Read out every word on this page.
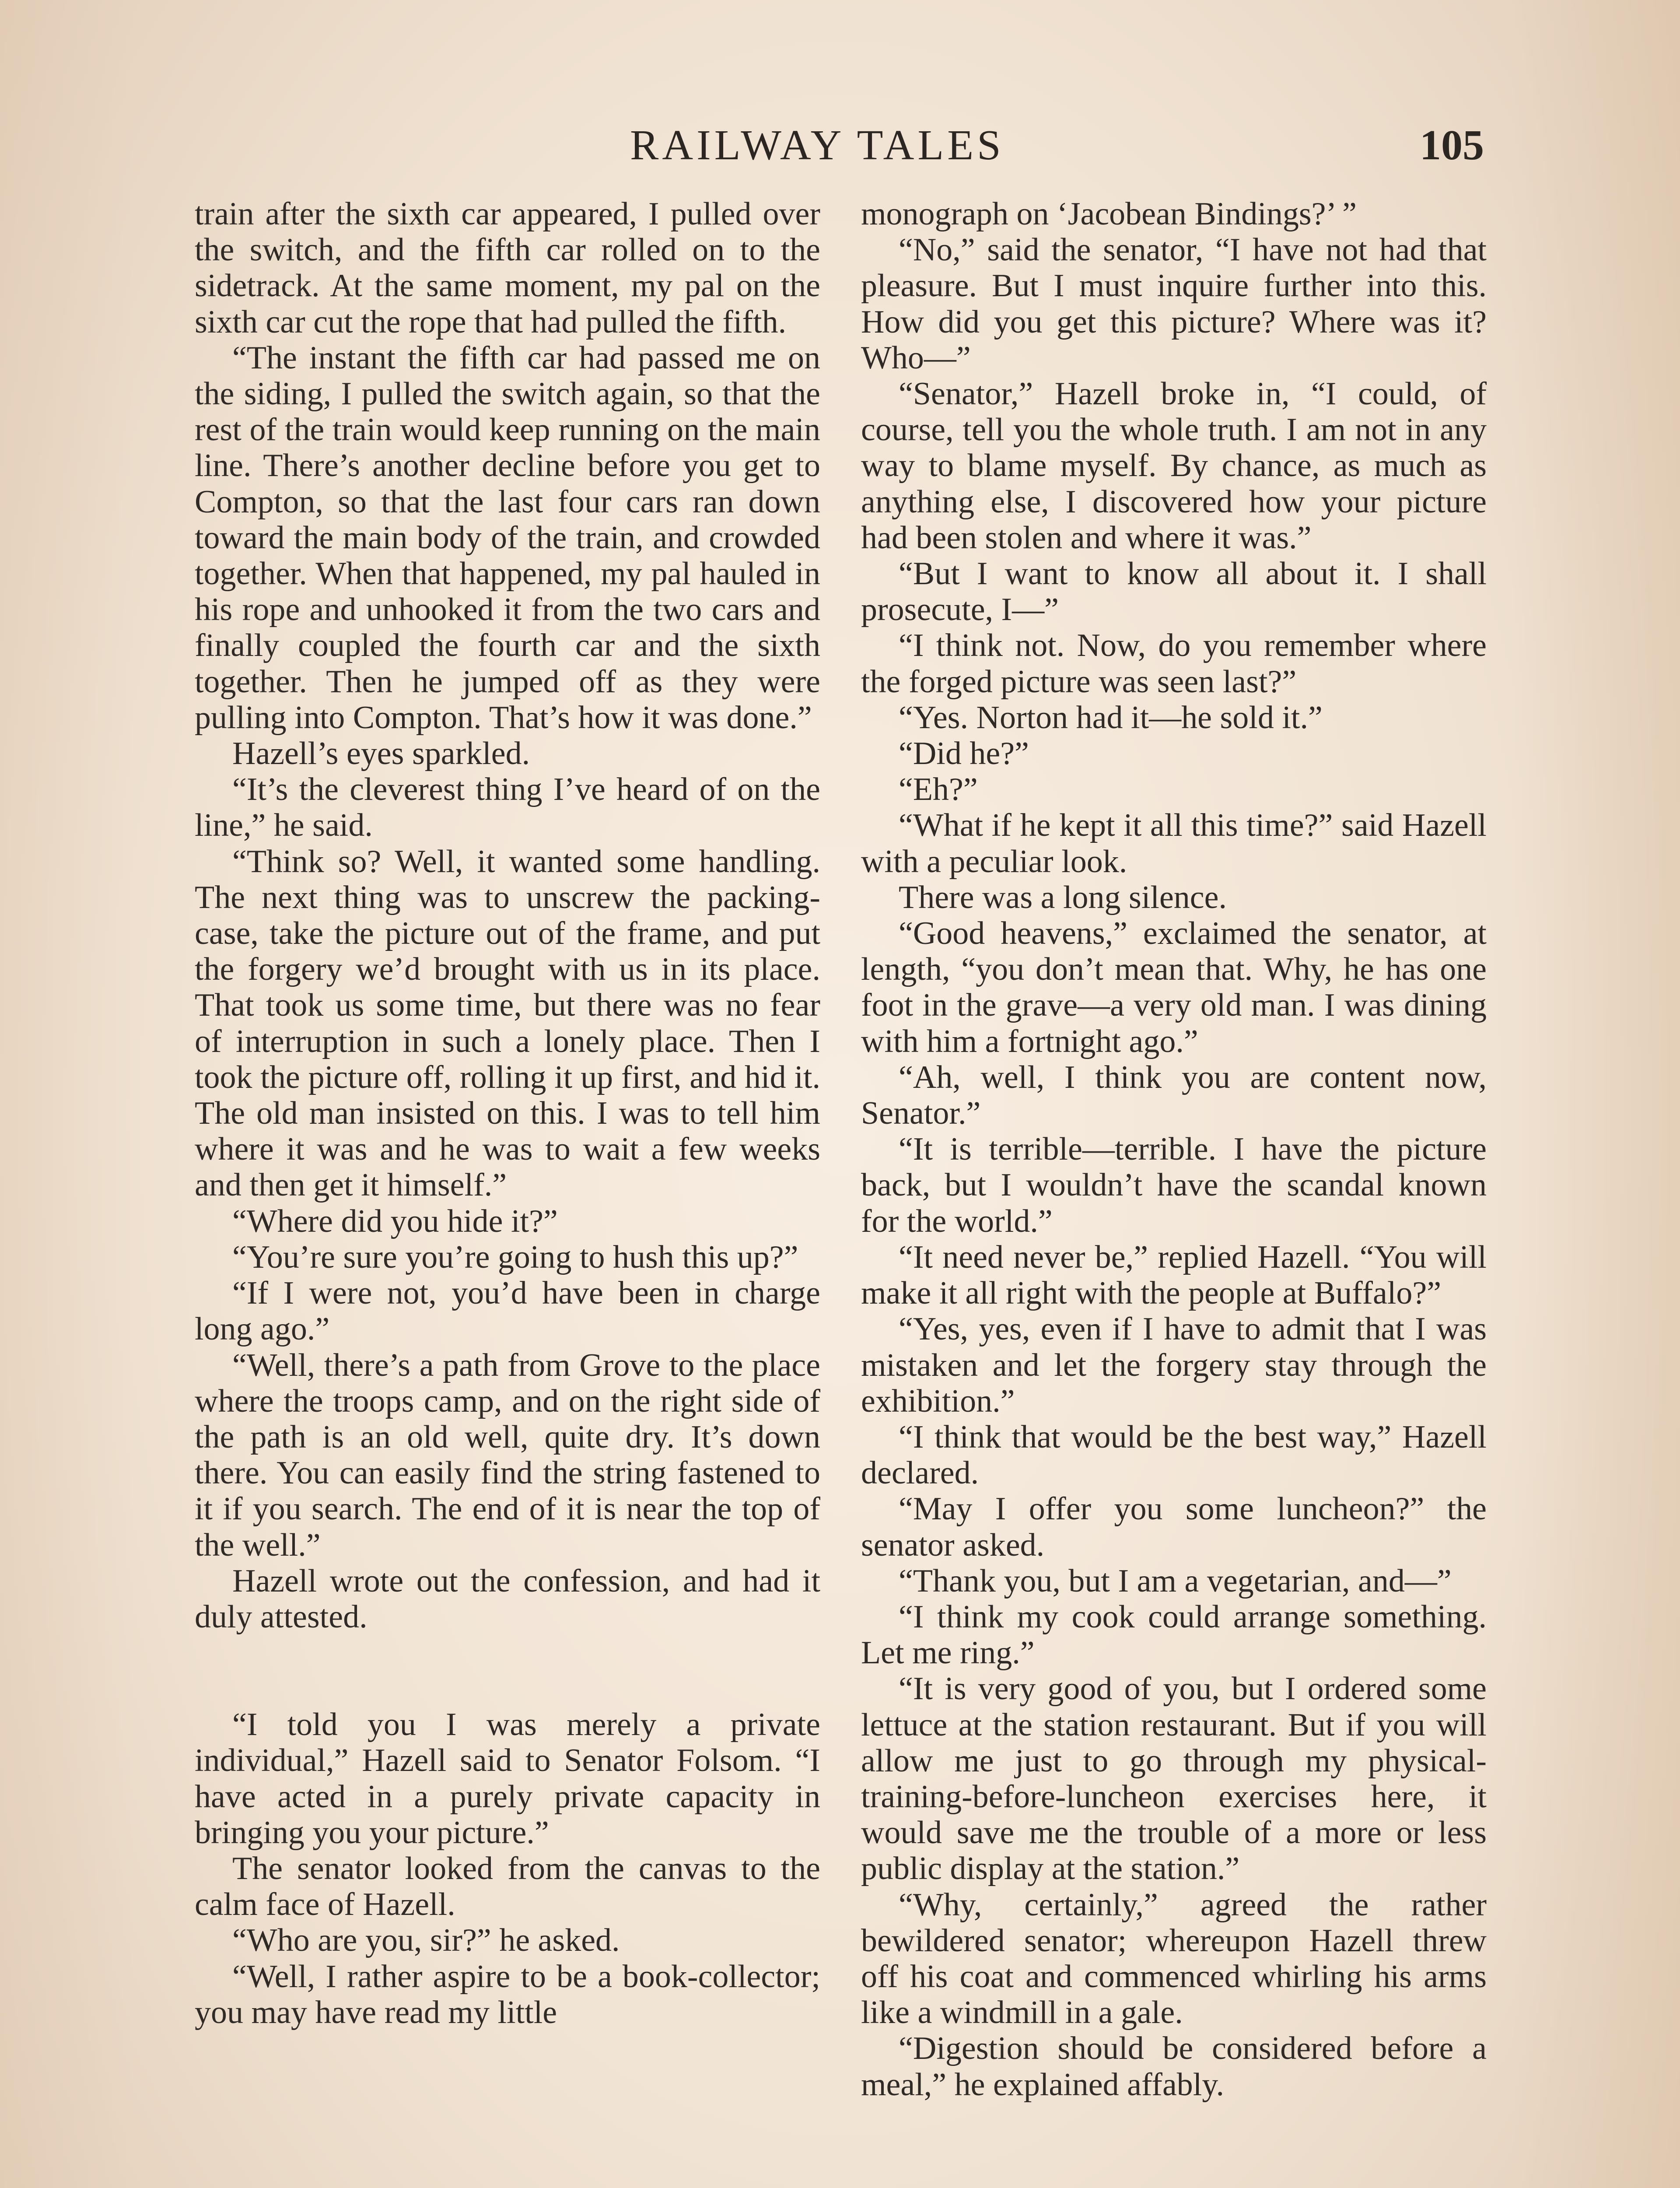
RAILWAY TALES	105

train after the sixth car appeared, I pulled over the switch, and the fifth car rolled on to the sidetrack. At the same moment, my pal on the sixth car cut the rope that had pulled the fifth.

“The instant the fifth car had passed me on the siding, I pulled the switch again, so that the rest of the train would keep running on the main line. There’s another decline before you get to Compton, so that the last four cars ran down toward the main body of the train, and crowded together. When that happened, my pal hauled in his rope and unhooked it from the two cars and finally coupled the fourth car and the sixth together. Then he jumped off as they were pulling into Compton. That’s how it was done.”

Hazell’s eyes sparkled.

“It’s the cleverest thing I’ve heard of on the line,” he said.

“Think so? Well, it wanted some handling. The next thing was to unscrew the packing-case, take the picture out of the frame, and put the forgery we’d brought with us in its place. That took us some time, but there was no fear of interruption in such a lonely place. Then I took the picture off, rolling it up first, and hid it. The old man insisted on this. I was to tell him where it was and he was to wait a few weeks and then get it himself.”

“Where did you hide it?”

“You’re sure you’re going to hush this up?”

“If I were not, you’d have been in charge long ago.”

“Well, there’s a path from Grove to the place where the troops camp, and on the right side of the path is an old well, quite dry. It’s down there. You can easily find the string fastened to it if you search. The end of it is near the top of the well.”

Hazell wrote out the confession, and had it duly attested.

“I told you I was merely a private individual,” Hazell said to Senator Folsom. “I have acted in a purely private capacity in bringing you your picture.”

The senator looked from the canvas to the calm face of Hazell.

“Who are you, sir?” he asked.

“Well, I rather aspire to be a book-collector; you may have read my little

monograph on ‘Jacobean Bindings?’ ”

“No,” said the senator, “I have not had that pleasure. But I must inquire further into this. How did you get this picture? Where was it? Who—”

“Senator,” Hazell broke in, “I could, of course, tell you the whole truth. I am not in any way to blame myself. By chance, as much as anything else, I discovered how your picture had been stolen and where it was.”

“But I want to know all about it. I shall prosecute, I—”

“I think not. Now, do you remember where the forged picture was seen last?”

“Yes. Norton had it—he sold it.”

“Did he?”

“Eh?”

“What if he kept it all this time?” said Hazell with a peculiar look.

There was a long silence.

“Good heavens,” exclaimed the senator, at length, “you don’t mean that. Why, he has one foot in the grave—a very old man. I was dining with him a fortnight ago.”

“Ah, well, I think you are content now, Senator.”

“It is terrible—terrible. I have the picture back, but I wouldn’t have the scandal known for the world.”

“It need never be,” replied Hazell. “You will make it all right with the people at Buffalo?”

“Yes, yes, even if I have to admit that I was mistaken and let the forgery stay through the exhibition.”

“I think that would be the best way,” Hazell declared.

“May I offer you some luncheon?” the senator asked.

“Thank you, but I am a vegetarian, and—”

“I think my cook could arrange something. Let me ring.”

“It is very good of you, but I ordered some lettuce at the station restaurant. But if you will allow me just to go through my physical-training-before-luncheon exercises here, it would save me the trouble of a more or less public display at the station.”

“Why, certainly,” agreed the rather bewildered senator; whereupon Hazell threw off his coat and commenced whirling his arms like a windmill in a gale.

“Digestion should be considered before a meal,” he explained affably.
